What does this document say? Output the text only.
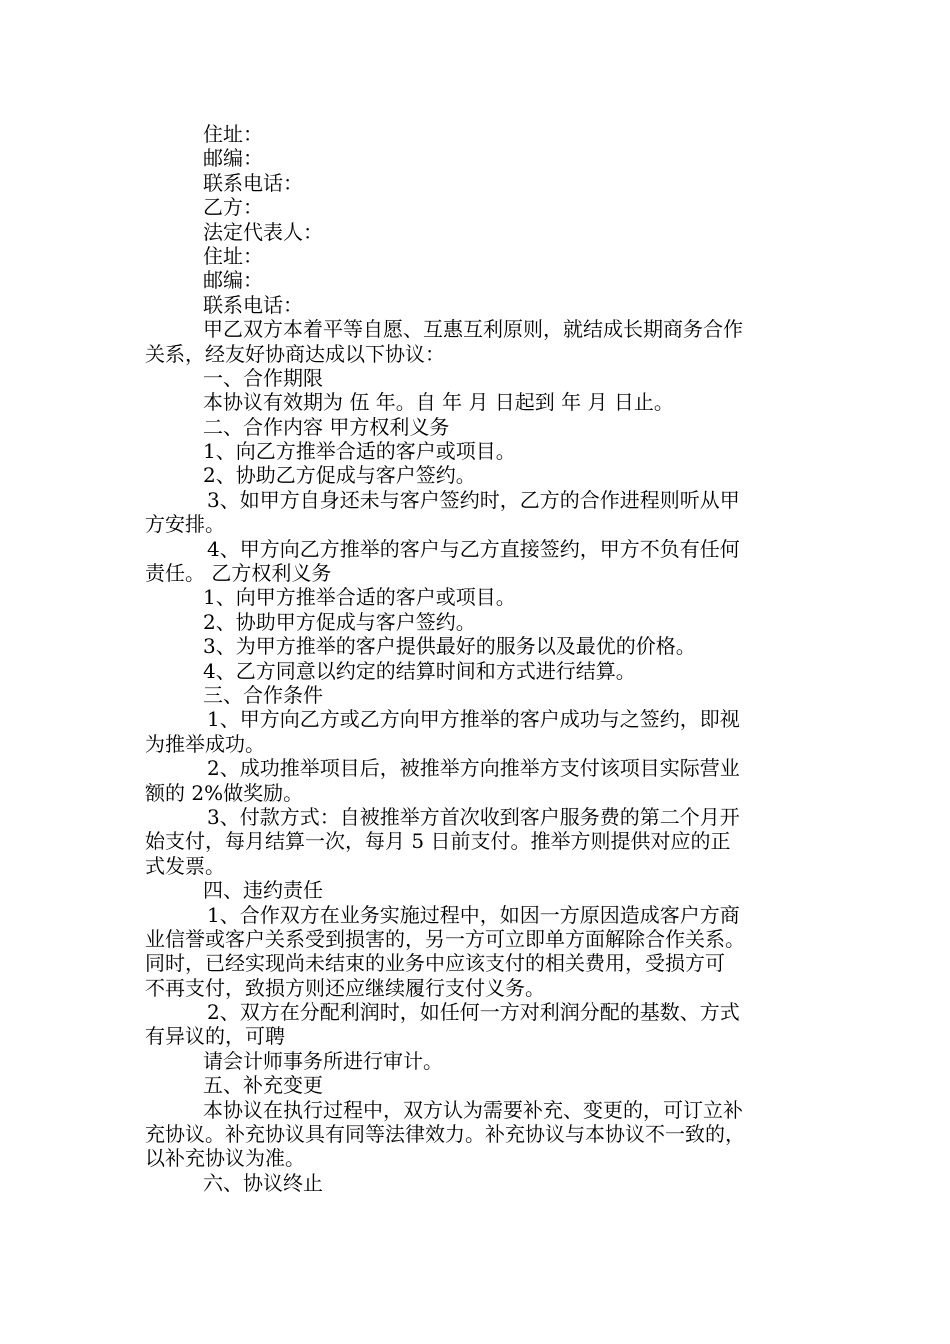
住址：
邮编：
联系电话：
乙方：
法定代表人：
住址：
邮编：
联系电话：
甲乙双方本着平等自愿、互惠互利原则，就结成长期商务合作
关系，经友好协商达成以下协议：
一、合作期限
本协议有效期为 伍 年。自 年 月 日起到 年 月 日止。
二、合作内容 甲方权利义务
1、向乙方推举合适的客户或项目。
2、协助乙方促成与客户签约。
3、如甲方自身还未与客户签约时，乙方的合作进程则听从甲
方安排。
4、甲方向乙方推举的客户与乙方直接签约，甲方不负有任何
责任。 乙方权利义务
1、向甲方推举合适的客户或项目。
2、协助甲方促成与客户签约。
3、为甲方推举的客户提供最好的服务以及最优的价格。
4、乙方同意以约定的结算时间和方式进行结算。
三、合作条件
1、甲方向乙方或乙方向甲方推举的客户成功与之签约，即视
为推举成功。
2、成功推举项目后，被推举方向推举方支付该项目实际营业
额的 2%做奖励。
3、付款方式：自被推举方首次收到客户服务费的第二个月开
始支付，每月结算一次，每月 5 日前支付。推举方则提供对应的正
式发票。
四、违约责任
1、合作双方在业务实施过程中，如因一方原因造成客户方商
业信誉或客户关系受到损害的，另一方可立即单方面解除合作关系。
同时，已经实现尚未结束的业务中应该支付的相关费用，受损方可
不再支付，致损方则还应继续履行支付义务。
2、双方在分配利润时，如任何一方对利润分配的基数、方式
有异议的，可聘
请会计师事务所进行审计。
五、补充变更
本协议在执行过程中，双方认为需要补充、变更的，可订立补
充协议。补充协议具有同等法律效力。补充协议与本协议不一致的，
以补充协议为准。
六、协议终止
